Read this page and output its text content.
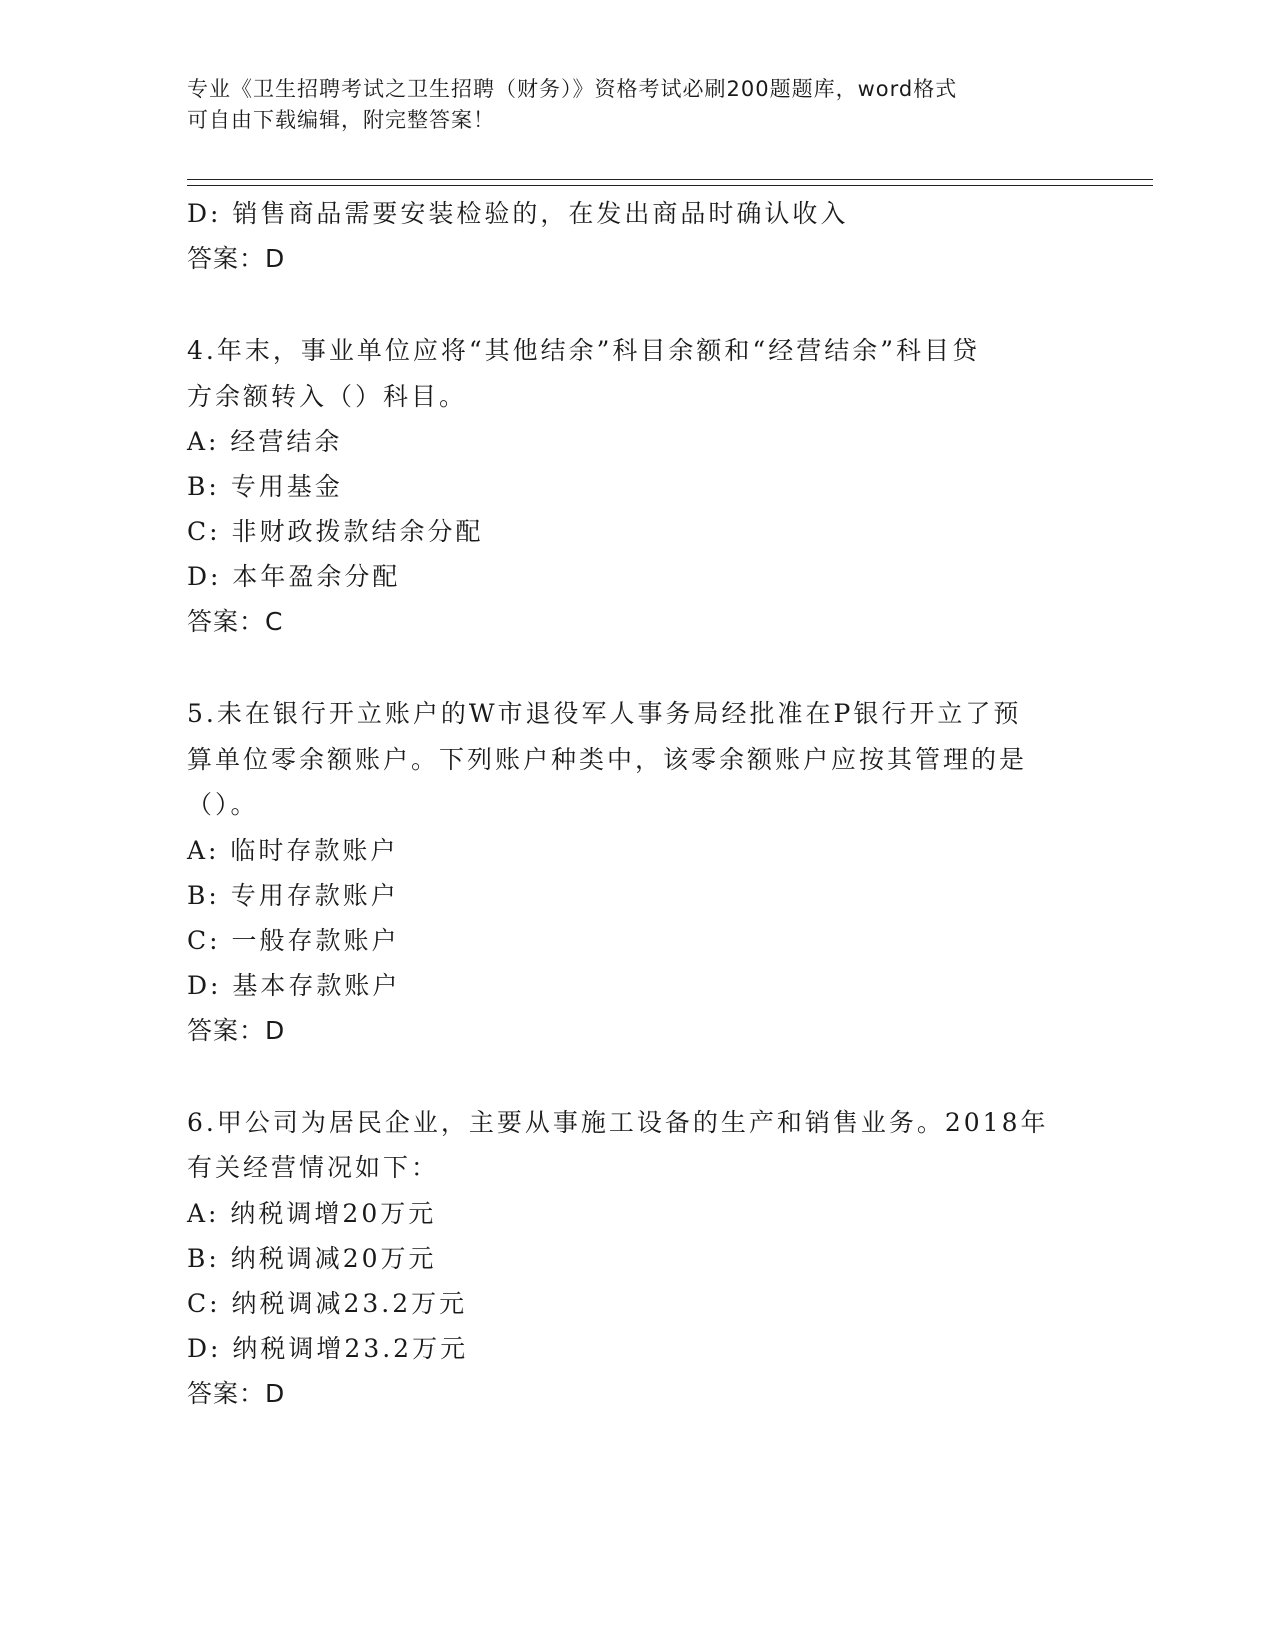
专业《卫生招聘考试之卫生招聘（财务）》资格考试必刷200题题库，word格式
可自由下载编辑，附完整答案！
D: 销售商品需要安装检验的，在发出商品时确认收入
答案：D
4.年末，事业单位应将“其他结余”科目余额和“经营结余”科目贷
方余额转入（）科目。
A: 经营结余
B: 专用基金
C: 非财政拨款结余分配
D: 本年盈余分配
答案：C
5.未在银行开立账户的W市退役军人事务局经批准在P银行开立了预
算单位零余额账户。下列账户种类中，该零余额账户应按其管理的是
（）。
A: 临时存款账户
B: 专用存款账户
C: 一般存款账户
D: 基本存款账户
答案：D
6.甲公司为居民企业，主要从事施工设备的生产和销售业务。2018年
有关经营情况如下：
A: 纳税调增20万元
B: 纳税调减20万元
C: 纳税调减23.2万元
D: 纳税调增23.2万元
答案：D
